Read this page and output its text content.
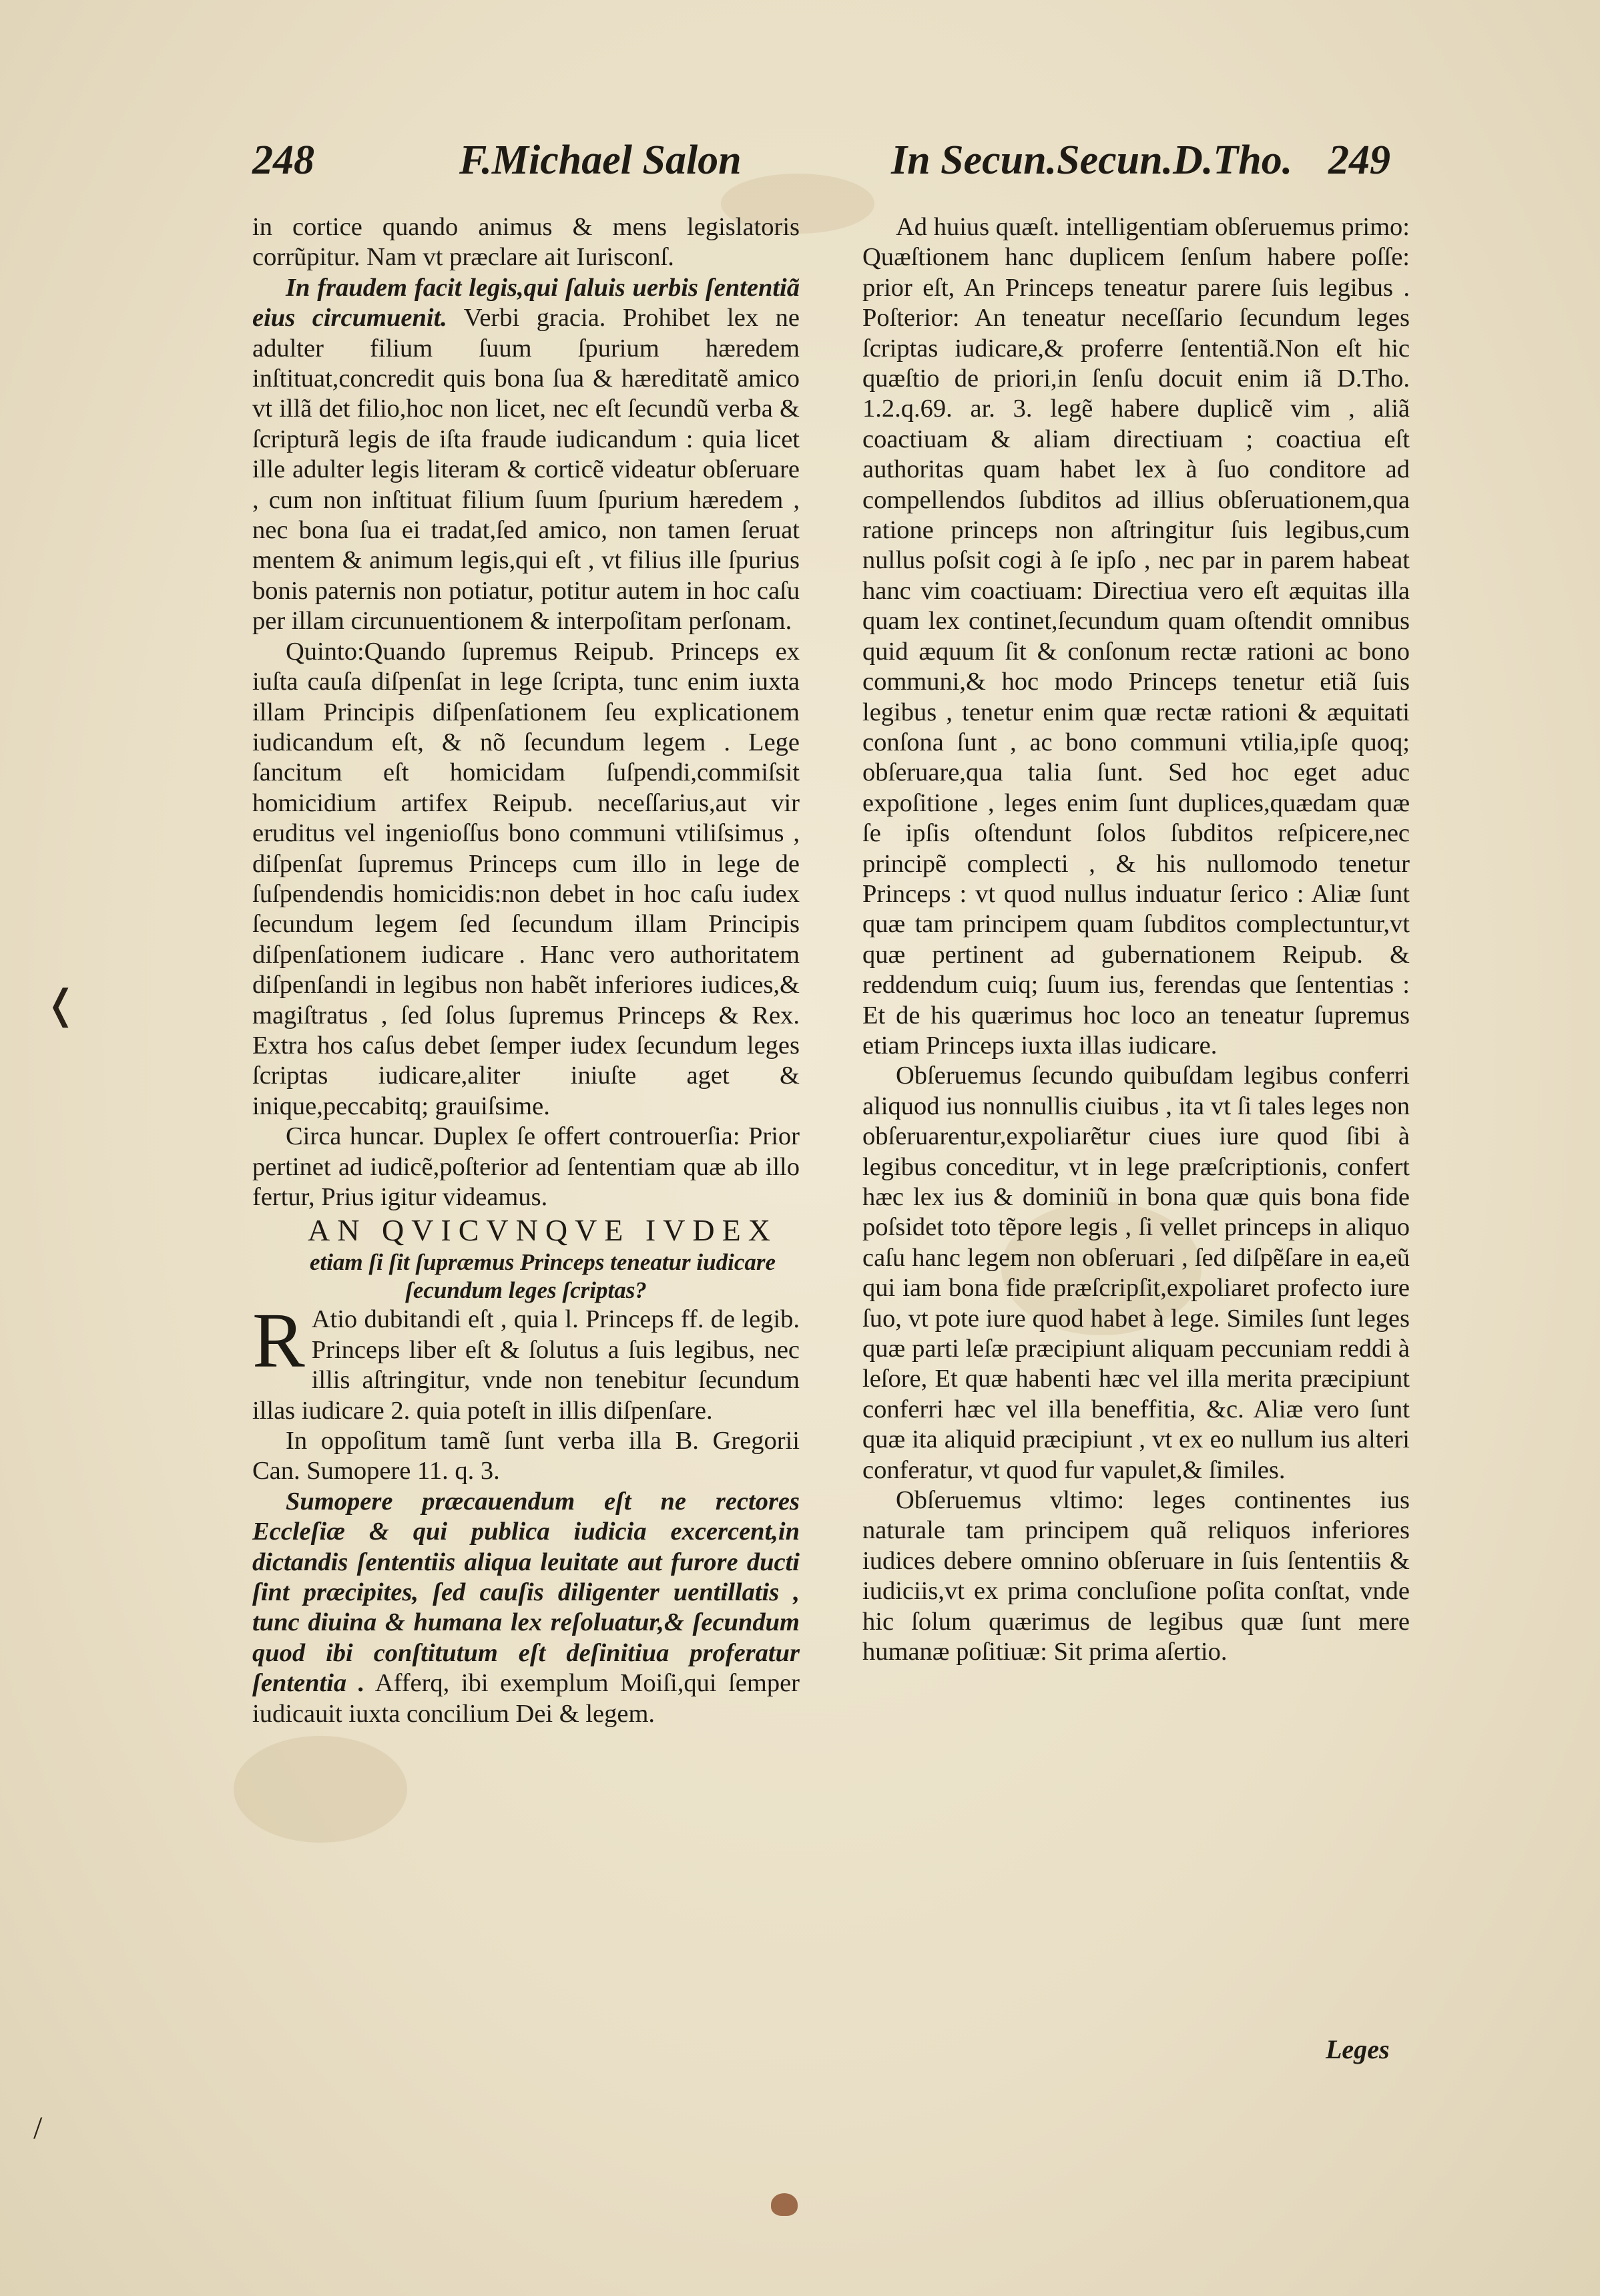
248	F.Michael Salon	In Secun.Secun.D.Tho. 249

in cortice quando animus & mens legislatoris corrũpitur. Nam vt præclare ait Iurisconſ.

In fraudem facit legis,qui ſaluis uerbis ſententiã eius circumuenit. Verbi gracia. Prohibet lex ne adulter filium ſuum ſpurium hæredem inſtituat,concredit quis bona ſua & hæreditatẽ amico vt illã det filio,hoc non licet, nec eſt ſecundũ verba & ſcripturã legis de iſta fraude iudicandum : quia licet ille adulter legis literam & corticẽ videatur obſeruare , cum non inſtituat filium ſuum ſpurium hæredem , nec bona ſua ei tradat,ſed amico, non tamen ſeruat mentem & animum legis,qui eſt , vt filius ille ſpurius bonis paternis non potiatur, potitur autem in hoc caſu per illam circunuentionem & interpoſitam perſonam.

Quinto:Quando ſupremus Reipub. Princeps ex iuſta cauſa diſpenſat in lege ſcripta, tunc enim iuxta illam Principis diſpenſationem ſeu explicationem iudicandum eſt, & nõ ſecundum legem . Lege ſancitum eſt homicidam ſuſpendi,commiſsit homicidium artifex Reipub. neceſſarius,aut vir eruditus vel ingenioſſus bono communi vtiliſsimus , diſpenſat ſupremus Princeps cum illo in lege de ſuſpendendis homicidis:non debet in hoc caſu iudex ſecundum legem ſed ſecundum illam Principis diſpenſationem iudicare . Hanc vero authoritatem diſpenſandi in legibus non habẽt inferiores iudices,& magiſtratus , ſed ſolus ſupremus Princeps & Rex. Extra hos caſus debet ſemper iudex ſecundum leges ſcriptas iudicare,aliter iniuſte aget & inique,peccabitq; grauiſsime.

Circa huncar. Duplex ſe offert controuerſia: Prior pertinet ad iudicẽ,poſterior ad ſententiam quæ ab illo fertur, Prius igitur videamus.

AN QVICVNQVE IVDEX

etiam ſi ſit ſupræmus Princeps teneatur iudicare ſecundum leges ſcriptas?

R Atio dubitandi eſt , quia l. Princeps ff. de legib. Princeps liber eſt & ſolutus a ſuis legibus, nec illis aſtringitur, vnde non tenebitur ſecundum illas iudicare 2. quia poteſt in illis diſpenſare.

In oppoſitum tamẽ ſunt verba illa B. Gregorii Can. Sumopere 11. q. 3.

Sumopere præcauendum eſt ne rectores Eccleſiæ & qui publica iudicia excercent,in dictandis ſententiis aliqua leuitate aut furore ducti ſint præcipites, ſed cauſis diligenter uentillatis , tunc diuina & humana lex reſoluatur,& ſecundum quod ibi conſtitutum eſt deſinitiua proferatur ſententia . Afferq, ibi exemplum Moiſi,qui ſemper iudicauit iuxta concilium Dei & legem.

Ad huius quæſt. intelligentiam obſeruemus primo: Quæſtionem hanc duplicem ſenſum habere poſſe: prior eſt, An Princeps teneatur parere ſuis legibus . Poſterior: An teneatur neceſſario ſecundum leges ſcriptas iudicare,& proferre ſententiã.Non eſt hic quæſtio de priori,in ſenſu docuit enim iã D.Tho. 1.2.q.69. ar. 3. legẽ habere duplicẽ vim , aliã coactiuam & aliam directiuam ; coactiua eſt authoritas quam habet lex à ſuo conditore ad compellendos ſubditos ad illius obſeruationem,qua ratione princeps non aſtringitur ſuis legibus,cum nullus poſsit cogi à ſe ipſo , nec par in parem habeat hanc vim coactiuam: Directiua vero eſt æquitas illa quam lex continet,ſecundum quam oſtendit omnibus quid æquum ſit & conſonum rectæ rationi ac bono communi,& hoc modo Princeps tenetur etiã ſuis legibus , tenetur enim quæ rectæ rationi & æquitati conſona ſunt , ac bono communi vtilia,ipſe quoq; obſeruare,qua talia ſunt. Sed hoc eget aduc expoſitione , leges enim ſunt duplices,quædam quæ ſe ipſis oſtendunt ſolos ſubditos reſpicere,nec principẽ complecti , & his nullomodo tenetur Princeps : vt quod nullus induatur ſerico : Aliæ ſunt quæ tam principem quam ſubditos complectuntur,vt quæ pertinent ad gubernationem Reipub. & reddendum cuiq; ſuum ius, ferendas que ſententias : Et de his quærimus hoc loco an teneatur ſupremus etiam Princeps iuxta illas iudicare.

Obſeruemus ſecundo quibuſdam legibus conferri aliquod ius nonnullis ciuibus , ita vt ſi tales leges non obſeruarentur,expoliarẽtur ciues iure quod ſibi à legibus conceditur, vt in lege præſcriptionis, confert hæc lex ius & dominiũ in bona quæ quis bona fide poſsidet toto tẽpore legis , ſi vellet princeps in aliquo caſu hanc legem non obſeruari , ſed diſpẽſare in ea,eũ qui iam bona fide præſcripſit,expoliaret profecto iure ſuo, vt pote iure quod habet à lege. Similes ſunt leges quæ parti leſæ præcipiunt aliquam peccuniam reddi à leſore, Et quæ habenti hæc vel illa merita præcipiunt conferri hæc vel illa beneffitia, &c. Aliæ vero ſunt quæ ita aliquid præcipiunt , vt ex eo nullum ius alteri conferatur, vt quod fur vapulet,& ſimiles.

Obſeruemus vltimo: leges continentes ius naturale tam principem quã reliquos inferiores iudices debere omnino obſeruare in ſuis ſententiis & iudiciis,vt ex prima concluſione poſita conſtat, vnde hic ſolum quærimus de legibus quæ ſunt mere humanæ poſitiuæ: Sit prima aſertio.

Leges
❬
/
